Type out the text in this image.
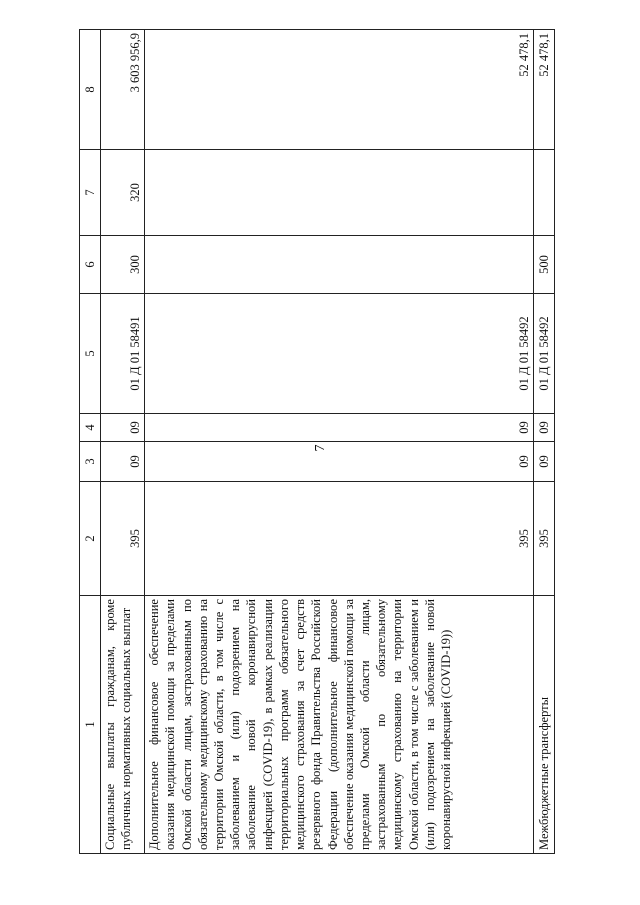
7
1	2	3	4	5	6	7	8
Социальные выплаты гражданам, кроме публичных нормативных социальных выплат	395	09	09	01 Д 01 58491	300	320	3 603 956,9
Дополнительное финансовое обеспечение оказания медицинской помощи за пределами Омской области лицам, застрахованным по обязательному медицинскому страхованию на территории Омской области, в том числе с заболеванием и (или) подозрением на заболевание новой коронавирусной инфекцией (COVID-19), в рамках реализации территориальных программ обязательного медицинского страхования за счет средств резервного фонда Правительства Российской Федерации (дополнительное финансовое обеспечение оказания медицинской помощи за пределами Омской области лицам, застрахованным по обязательному медицинскому страхованию на территории Омской области, в том числе с заболеванием и (или) подозрением на заболевание новой коронавирусной инфекцией (COVID-19))	395	09	09	01 Д 01 58492			52 478,1
Межбюджетные трансферты	395	09	09	01 Д 01 58492	500		52 478,1
